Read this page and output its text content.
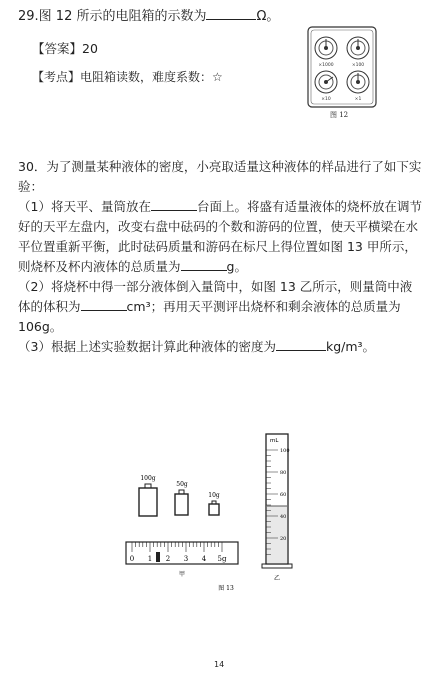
29.图 12 所示的电阻箱的示数为	Ω。
【答案】20
【考点】电阻箱读数，难度系数：☆
×1000	×100
×10	×1
图 12

30．为了测量某种液体的密度，小亮取适量这种液体的样品进行了如下实验：

（1）将天平、量筒放在	台面上。将盛有适量液体的烧杯放在调节好的天平左盘内，改变右盘中砝码的个数和游码的位置，使天平横梁在水平位置重新平衡，此时砝码质量和游码在标尺上得位置如图 13 甲所示，则烧杯及杯内液体的总质量为	g。

（2）将烧杯中得一部分液体倒入量筒中，如图 13 乙所示，则量筒中液体的体积为	cm³；再用天平测评出烧杯和剩余液体的总质量为 106g。

（3）根据上述实验数据计算此种液体的密度为	kg/m³。

100g
50g
10g
0 1 2 3 4 5g
甲
mL
100
80
60
40
20
乙
图 13
14
